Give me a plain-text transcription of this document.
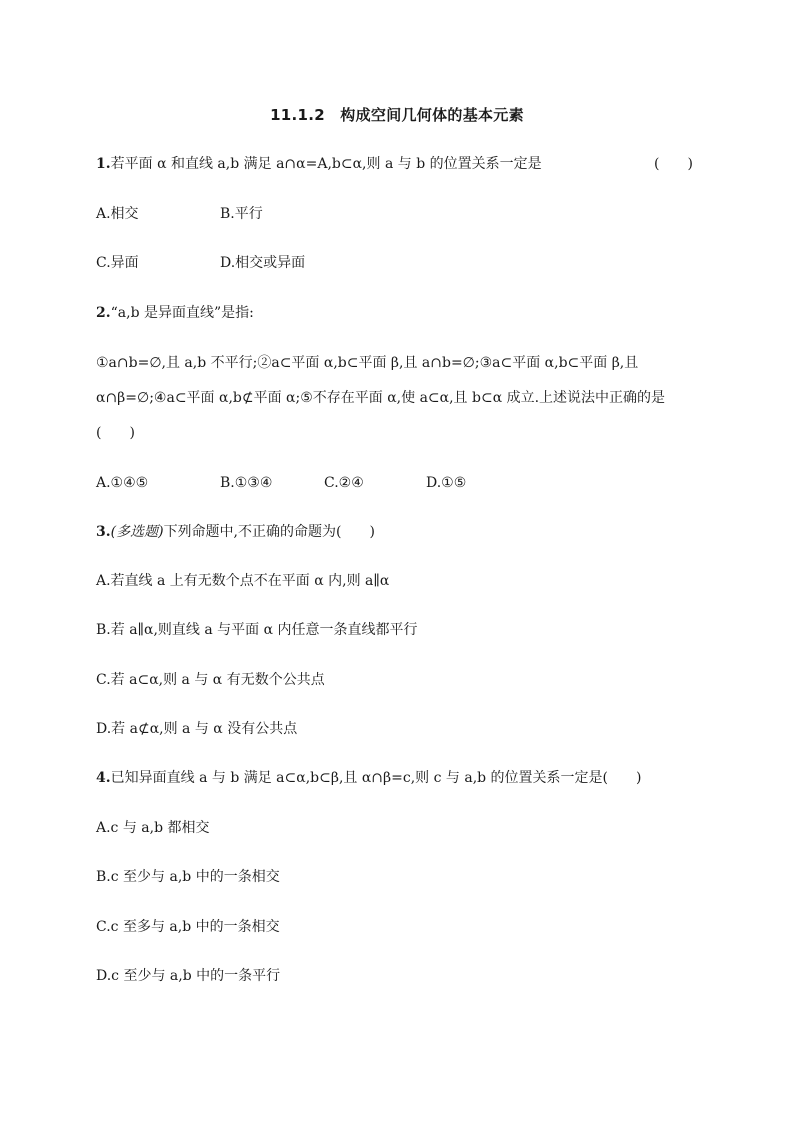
11.1.2　构成空间几何体的基本元素
1.若平面 α 和直线 a,b 满足 a∩α=A,b⊂α,则 a 与 b 的位置关系一定是	(　　)
A.相交	B.平行
C.异面	D.相交或异面
2.“a,b 是异面直线”是指:
①a∩b=∅,且 a,b 不平行;②a⊂平面 α,b⊂平面 β,且 a∩b=∅;③a⊂平面 α,b⊂平面 β,且
α∩β=∅;④a⊂平面 α,b⊄平面 α;⑤不存在平面 α,使 a⊂α,且 b⊂α 成立.上述说法中正确的是
(　　)
A.①④⑤	B.①③④	C.②④	D.①⑤
3.(多选题)下列命题中,不正确的命题为(　　)
A.若直线 a 上有无数个点不在平面 α 内,则 a∥α
B.若 a∥α,则直线 a 与平面 α 内任意一条直线都平行
C.若 a⊂α,则 a 与 α 有无数个公共点
D.若 a⊄α,则 a 与 α 没有公共点
4.已知异面直线 a 与 b 满足 a⊂α,b⊂β,且 α∩β=c,则 c 与 a,b 的位置关系一定是(　　)
A.c 与 a,b 都相交
B.c 至少与 a,b 中的一条相交
C.c 至多与 a,b 中的一条相交
D.c 至少与 a,b 中的一条平行
